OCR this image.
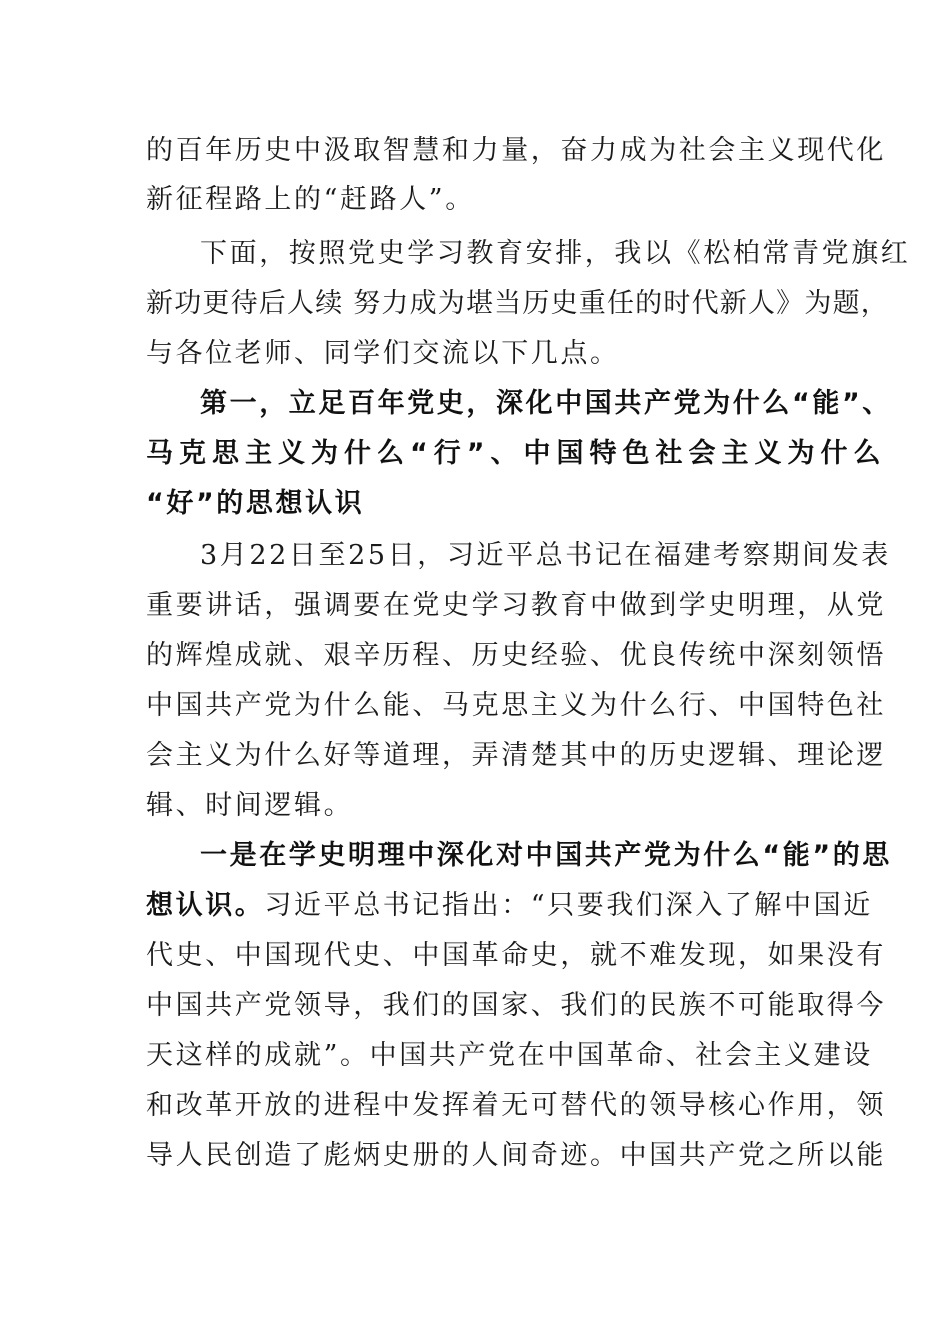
的百年历史中汲取智慧和力量，奋力成为社会主义现代化
新征程路上的“赶路人”。
下面，按照党史学习教育安排，我以《松柏常青党旗红
新功更待后人续 努力成为堪当历史重任的时代新人》为题，
与各位老师、同学们交流以下几点。
第一，立足百年党史，深化中国共产党为什么“能”、
马克思主义为什么“行”、中国特色社会主义为什么
“好”的思想认识
3月22日至25日，习近平总书记在福建考察期间发表
重要讲话，强调要在党史学习教育中做到学史明理，从党
的辉煌成就、艰辛历程、历史经验、优良传统中深刻领悟
中国共产党为什么能、马克思主义为什么行、中国特色社
会主义为什么好等道理，弄清楚其中的历史逻辑、理论逻
辑、时间逻辑。
一是在学史明理中深化对中国共产党为什么“能”的思
想认识。习近平总书记指出：“只要我们深入了解中国近
代史、中国现代史、中国革命史，就不难发现，如果没有
中国共产党领导，我们的国家、我们的民族不可能取得今
天这样的成就”。中国共产党在中国革命、社会主义建设
和改革开放的进程中发挥着无可替代的领导核心作用，领
导人民创造了彪炳史册的人间奇迹。中国共产党之所以能
